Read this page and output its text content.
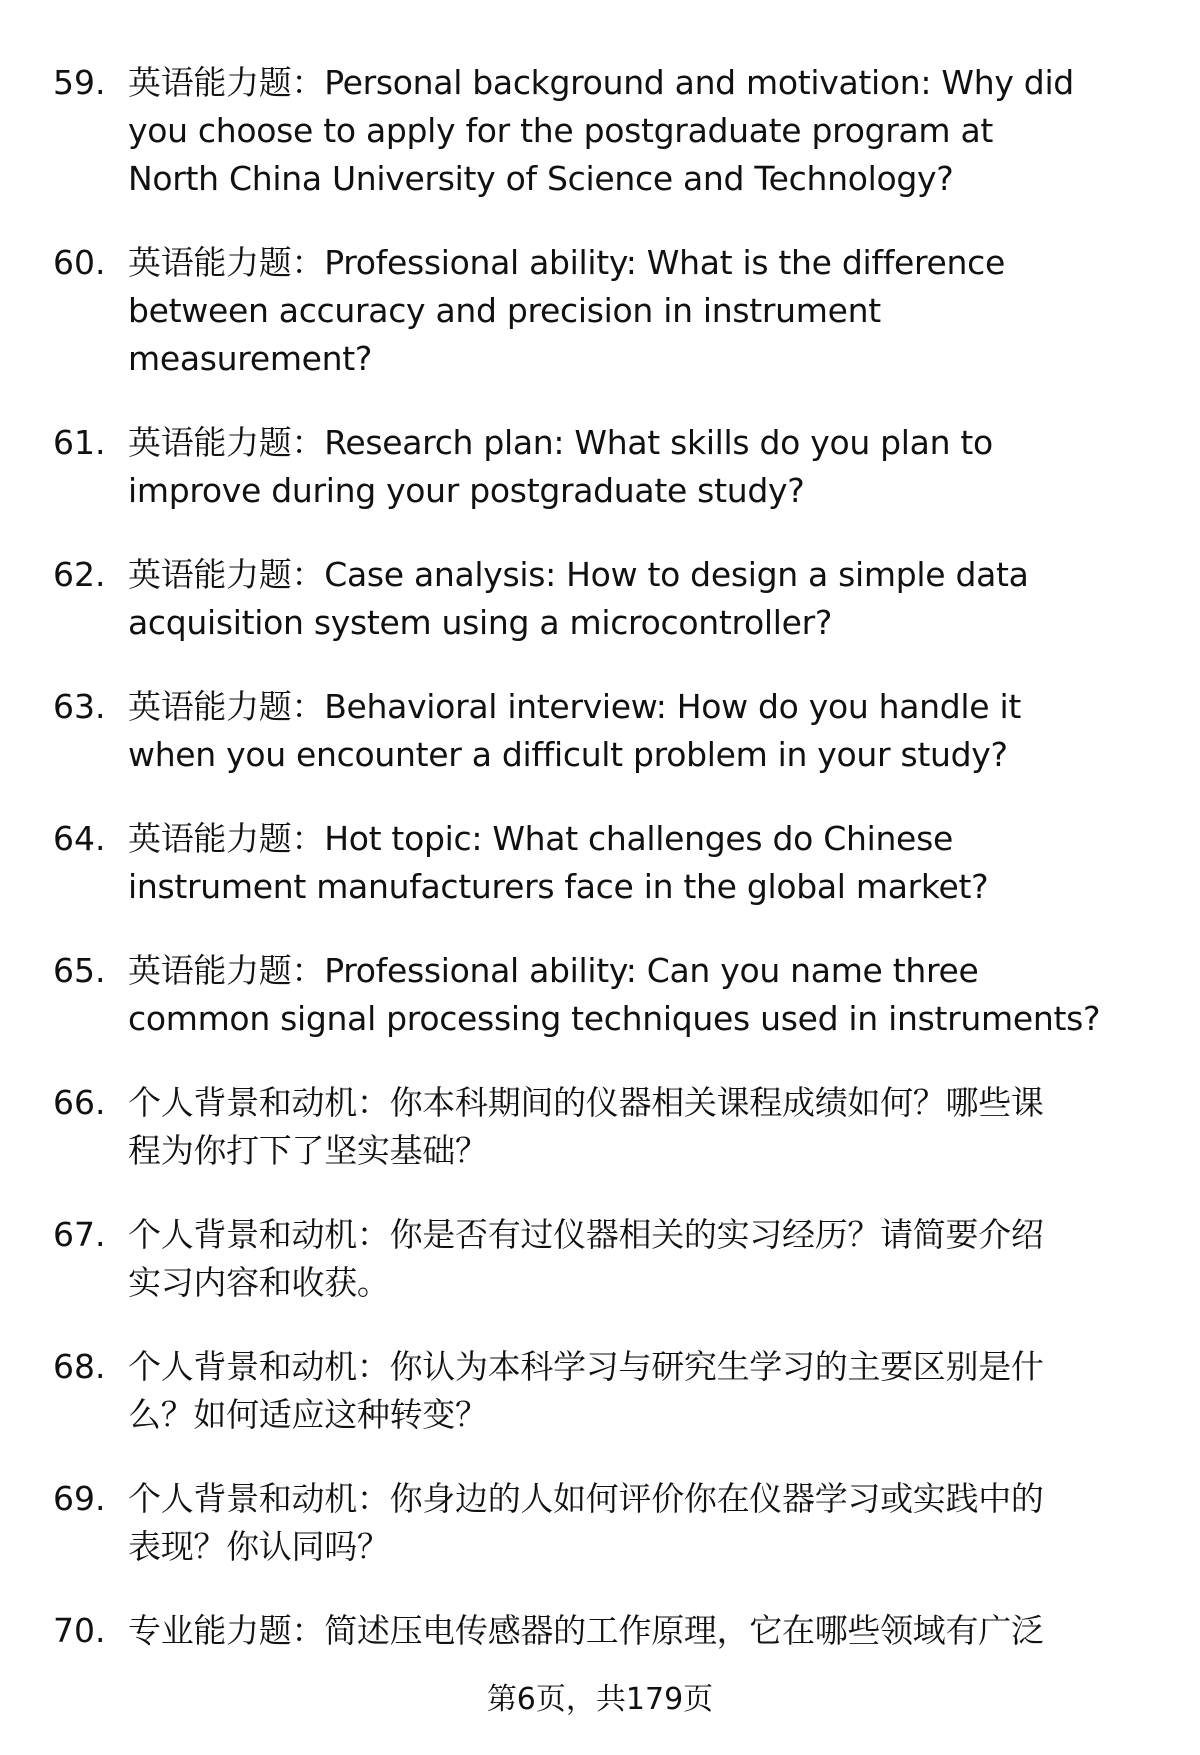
59. 英语能力题：Personal background and motivation: Why did
you choose to apply for the postgraduate program at
North China University of Science and Technology?
60. 英语能力题：Professional ability: What is the difference
between accuracy and precision in instrument
measurement?
61. 英语能力题：Research plan: What skills do you plan to
improve during your postgraduate study?
62. 英语能力题：Case analysis: How to design a simple data
acquisition system using a microcontroller?
63. 英语能力题：Behavioral interview: How do you handle it
when you encounter a difficult problem in your study?
64. 英语能力题：Hot topic: What challenges do Chinese
instrument manufacturers face in the global market?
65. 英语能力题：Professional ability: Can you name three
common signal processing techniques used in instruments?
66. 个人背景和动机：你本科期间的仪器相关课程成绩如何？哪些课
程为你打下了坚实基础？
67. 个人背景和动机：你是否有过仪器相关的实习经历？请简要介绍
实习内容和收获。
68. 个人背景和动机：你认为本科学习与研究生学习的主要区别是什
么？如何适应这种转变？
69. 个人背景和动机：你身边的人如何评价你在仪器学习或实践中的
表现？你认同吗？
70. 专业能力题：简述压电传感器的工作原理，它在哪些领域有广泛
第6页，共179页
